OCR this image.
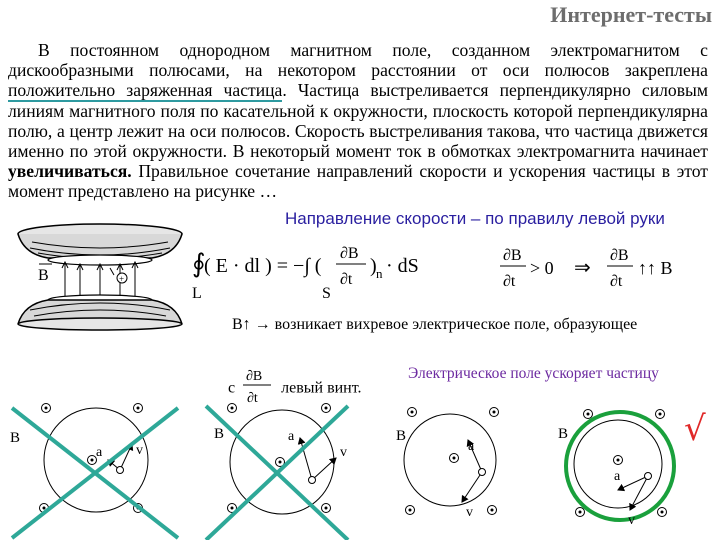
Интернет-тесты

В постоянном однородном магнитном поле, созданном электромагнитом с дискообразными полюсами, на некотором расстоянии от оси полюсов закреплена положительно заряженная частица. Частица выстреливается перпендикулярно силовым линиям магнитного поля по касательной к окружности, плоскость которой перпендикулярна полю, а центр лежит на оси полюсов. Скорость выстреливания такова, что частица движется именно по этой окружности. В некоторый момент ток в обмотках электромагнита начинает увеличиваться. Правильное сочетание направлений скорости и ускорения частицы в этот момент представлено на рисунке …

Направление скорости – по правилу левой руки
+
B	∮
( E · dl ) = −∫ (
∂B
∂t
) n · dS
L	S
∂B
∂t
> 0 ⇒
∂B
∂t
↑↑ B
B↑ → возникает вихревое электрическое поле, образующее
с
∂B
∂t
левый винт.
Электрическое поле ускоряет частицу
B
a v
B	a
v
B
a
v
B
a
v
√
